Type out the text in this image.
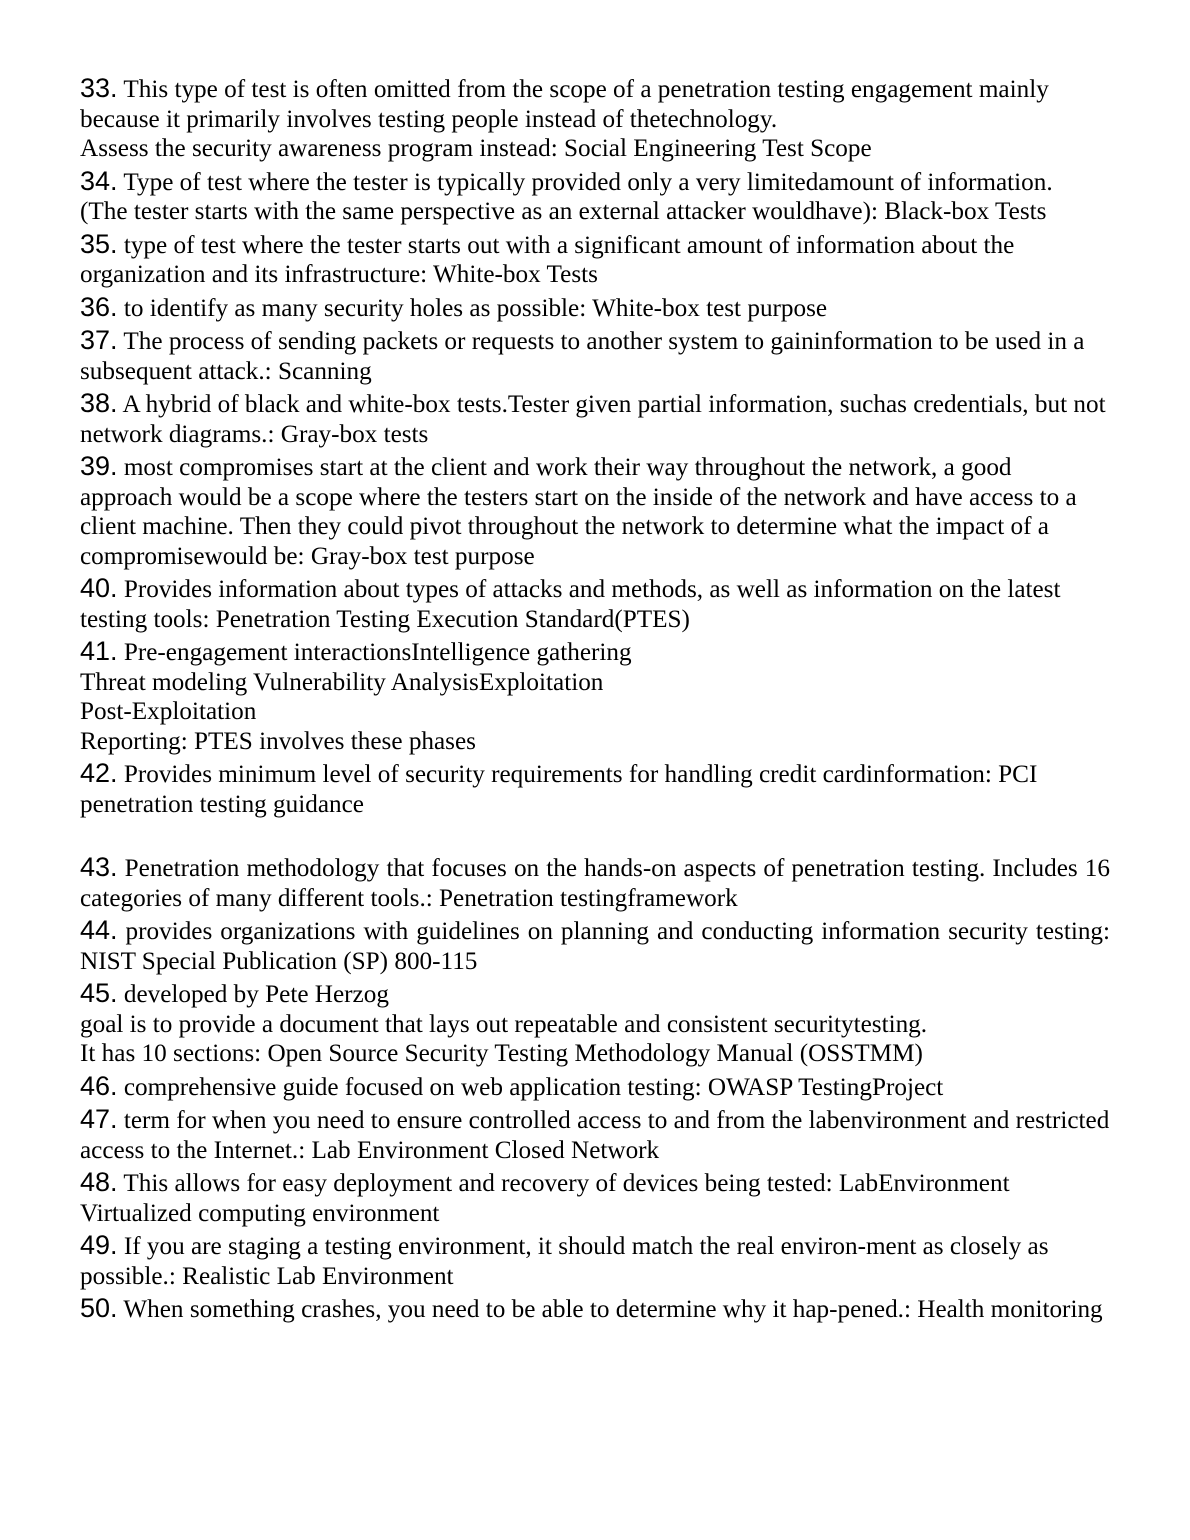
33. This type of test is often omitted from the scope of a penetration testing engagement mainly because it primarily involves testing people instead of thetechnology.
Assess the security awareness program instead: Social Engineering Test Scope
34. Type of test where the tester is typically provided only a very limitedamount of information.
(The tester starts with the same perspective as an external attacker wouldhave): Black-box Tests
35. type of test where the tester starts out with a significant amount of information about the organization and its infrastructure: White-box Tests
36. to identify as many security holes as possible: White-box test purpose
37. The process of sending packets or requests to another system to gaininformation to be used in a subsequent attack.: Scanning
38. A hybrid of black and white-box tests.Tester given partial information, suchas credentials, but not network diagrams.: Gray-box tests
39. most compromises start at the client and work their way throughout the network, a good approach would be a scope where the testers start on the inside of the network and have access to a client machine. Then they could pivot throughout the network to determine what the impact of a compromisewould be: Gray-box test purpose
40. Provides information about types of attacks and methods, as well as information on the latest testing tools: Penetration Testing Execution Standard(PTES)
41. Pre-engagement interactionsIntelligence gathering
Threat modeling Vulnerability AnalysisExploitation
Post-Exploitation
Reporting: PTES involves these phases
42. Provides minimum level of security requirements for handling credit cardinformation: PCI penetration testing guidance
43. Penetration methodology that focuses on the hands-on aspects of penetration testing. Includes 16 categories of many different tools.: Penetration testingframework
44. provides organizations with guidelines on planning and conducting information security testing: NIST Special Publication (SP) 800-115
45. developed by Pete Herzog
goal is to provide a document that lays out repeatable and consistent securitytesting.
It has 10 sections: Open Source Security Testing Methodology Manual (OSSTMM)
46. comprehensive guide focused on web application testing: OWASP TestingProject
47. term for when you need to ensure controlled access to and from the labenvironment and restricted access to the Internet.: Lab Environment Closed Network
48. This allows for easy deployment and recovery of devices being tested: LabEnvironment Virtualized computing environment
49. If you are staging a testing environment, it should match the real environ-ment as closely as possible.: Realistic Lab Environment
50. When something crashes, you need to be able to determine why it hap-pened.: Health monitoring
